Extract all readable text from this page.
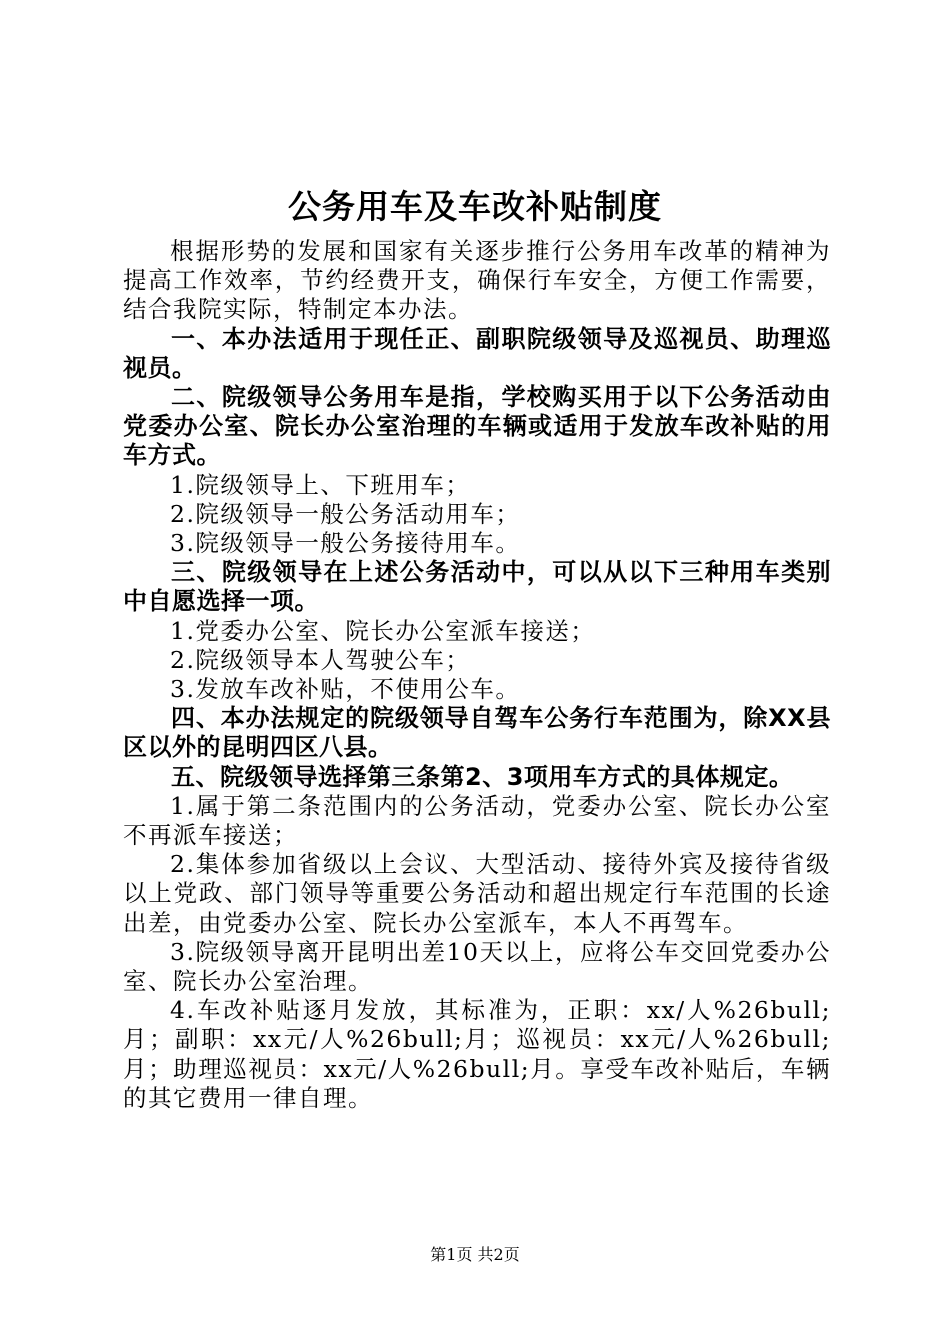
公务用车及车改补贴制度

根据形势的发展和国家有关逐步推行公务用车改革的精神为提高工作效率，节约经费开支，确保行车安全，方便工作需要，结合我院实际，特制定本办法。

一、本办法适用于现任正、副职院级领导及巡视员、助理巡视员。

二、院级领导公务用车是指，学校购买用于以下公务活动由党委办公室、院长办公室治理的车辆或适用于发放车改补贴的用车方式。

1.院级领导上、下班用车；

2.院级领导一般公务活动用车；

3.院级领导一般公务接待用车。

三、院级领导在上述公务活动中，可以从以下三种用车类别中自愿选择一项。

1.党委办公室、院长办公室派车接送；

2.院级领导本人驾驶公车；

3.发放车改补贴，不使用公车。

四、本办法规定的院级领导自驾车公务行车范围为，除XX县区以外的昆明四区八县。

五、院级领导选择第三条第2、3项用车方式的具体规定。

1.属于第二条范围内的公务活动，党委办公室、院长办公室不再派车接送；

2.集体参加省级以上会议、大型活动、接待外宾及接待省级以上党政、部门领导等重要公务活动和超出规定行车范围的长途出差，由党委办公室、院长办公室派车，本人不再驾车。

3.院级领导离开昆明出差10天以上，应将公车交回党委办公室、院长办公室治理。

4.车改补贴逐月发放，其标准为，正职：xx/人%26bull;月；副职：xx元/人%26bull;月；巡视员：xx元/人%26bull;月；助理巡视员：xx元/人%26bull;月。享受车改补贴后，车辆的其它费用一律自理。

第1页 共2页
